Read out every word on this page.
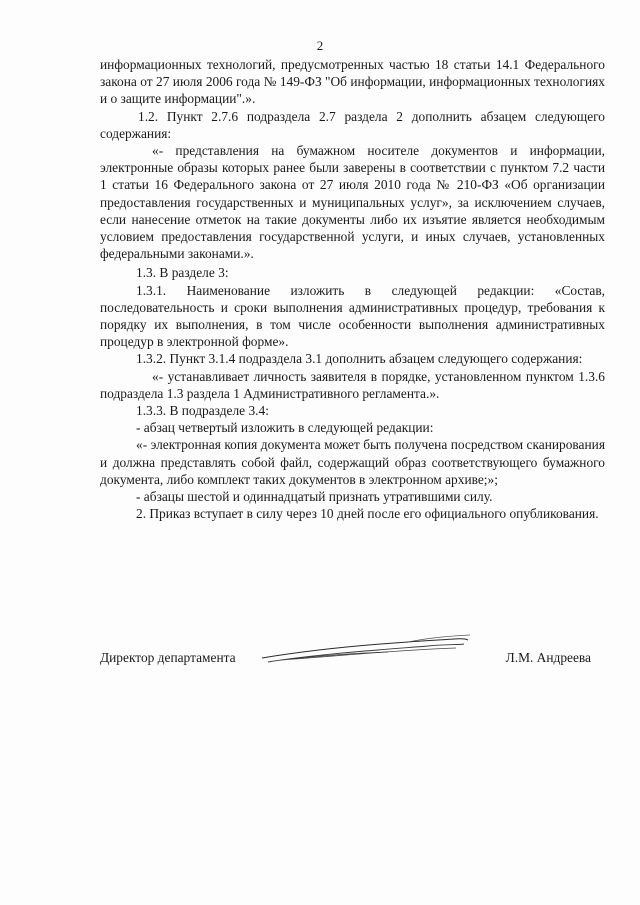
2

информационных технологий, предусмотренных частью 18 статьи 14.1 Федерального закона от 27 июля 2006 года № 149-ФЗ "Об информации, информационных технологиях и о защите информации".».

1.2. Пункт 2.7.6 подраздела 2.7 раздела 2 дополнить абзацем следующего содержания:

«- представления на бумажном носителе документов и информации, электронные образы которых ранее были заверены в соответствии с пунктом 7.2 части 1 статьи 16 Федерального закона от 27 июля 2010 года № 210-ФЗ «Об организации предоставления государственных и муниципальных услуг», за исключением случаев, если нанесение отметок на такие документы либо их изъятие является необходимым условием предоставления государственной услуги, и иных случаев, установленных федеральными законами.».

1.3. В разделе 3:

1.3.1. Наименование изложить в следующей редакции: «Состав, последовательность и сроки выполнения административных процедур, требования к порядку их выполнения, в том числе особенности выполнения административных процедур в электронной форме».

1.3.2. Пункт 3.1.4 подраздела 3.1 дополнить абзацем следующего содержания:

«- устанавливает личность заявителя в порядке, установленном пунктом 1.3.6 подраздела 1.3 раздела 1 Административного регламента.».

1.3.3. В подразделе 3.4:

- абзац четвертый изложить в следующей редакции:

«- электронная копия документа может быть получена посредством сканирования и должна представлять собой файл, содержащий образ соответствующего бумажного документа, либо комплект таких документов в электронном архиве;»;

- абзацы шестой и одиннадцатый признать утратившими силу.

2. Приказ вступает в силу через 10 дней после его официального опубликования.

Директор департамента	Л.М. Андреева
